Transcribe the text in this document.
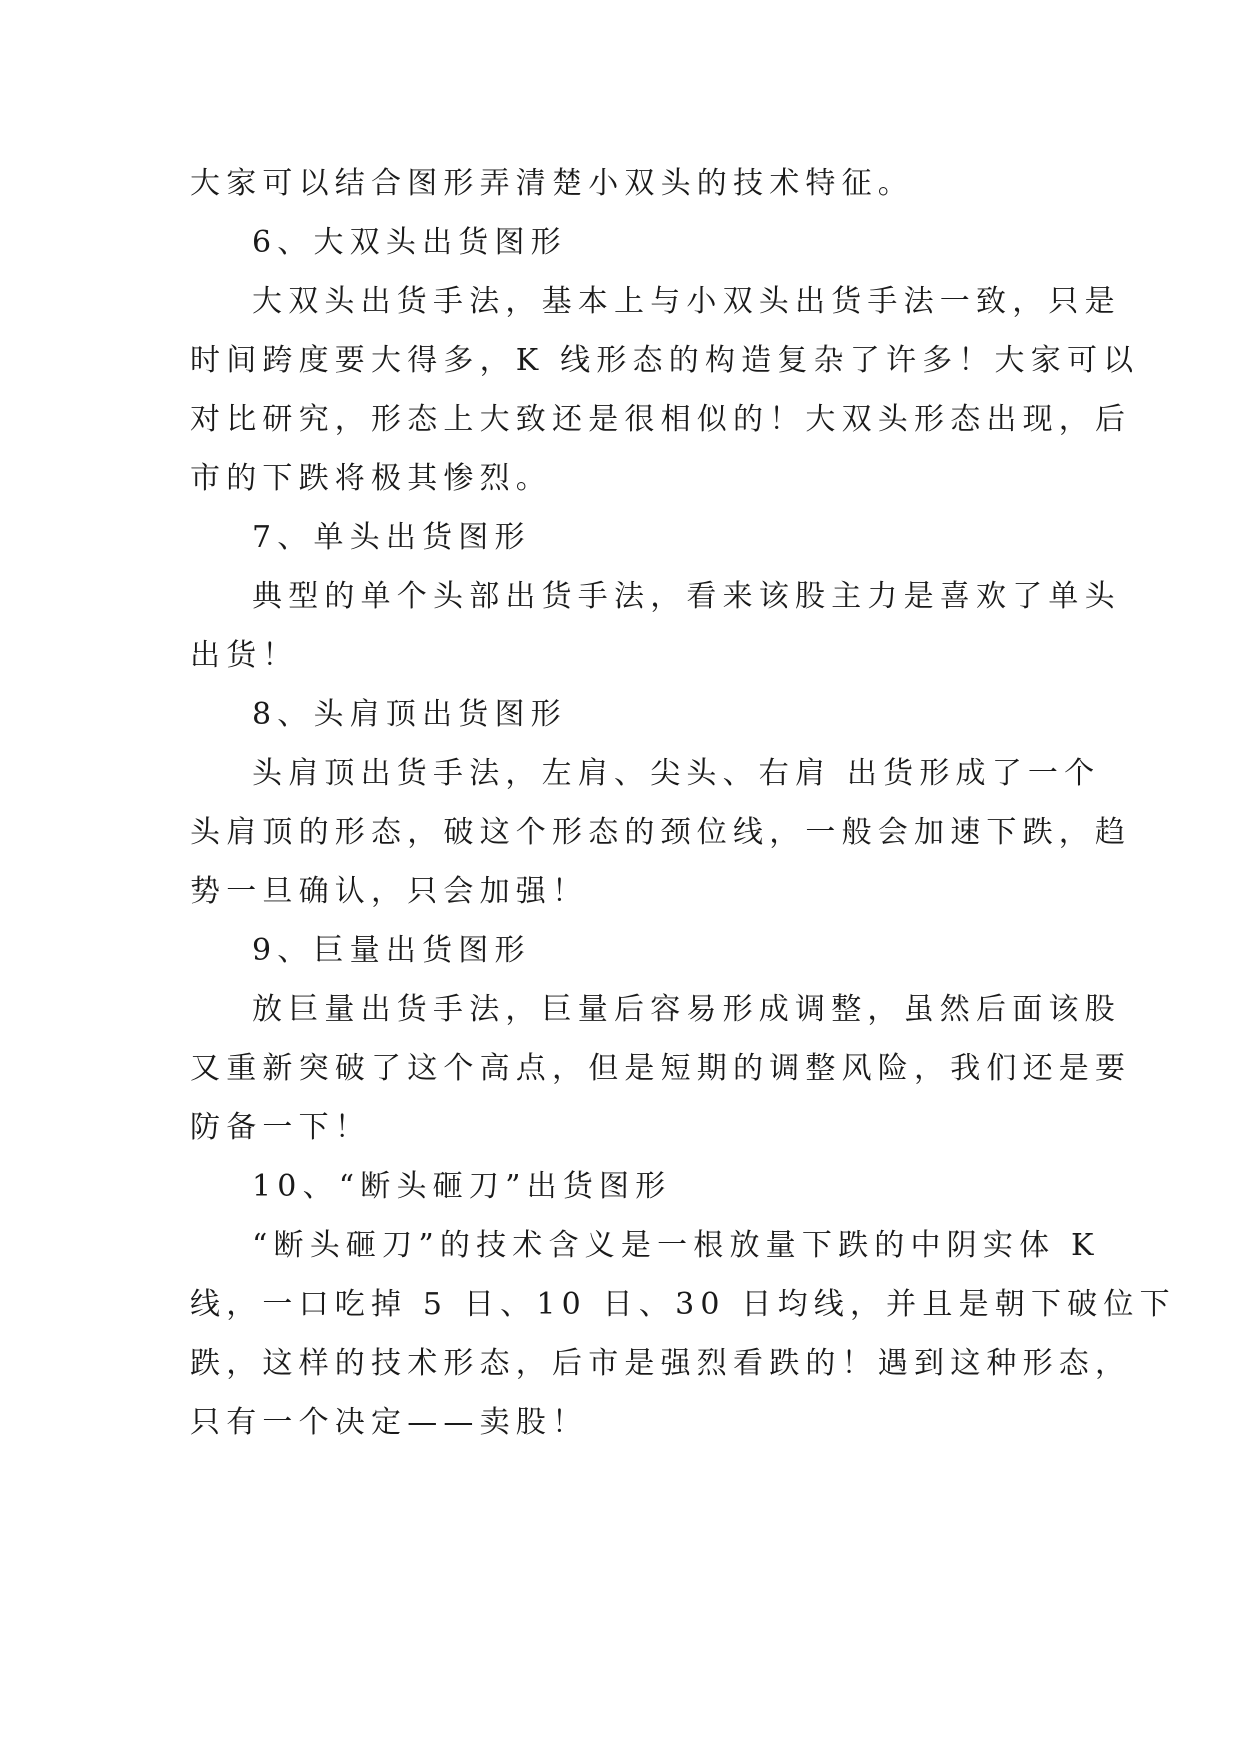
大家可以结合图形弄清楚小双头的技术特征。
6、大双头出货图形
大双头出货手法，基本上与小双头出货手法一致，只是
时间跨度要大得多，K 线形态的构造复杂了许多！大家可以
对比研究，形态上大致还是很相似的！大双头形态出现，后
市的下跌将极其惨烈。
7、单头出货图形
典型的单个头部出货手法，看来该股主力是喜欢了单头
出货！
8、头肩顶出货图形
头肩顶出货手法，左肩、尖头、右肩 出货形成了一个
头肩顶的形态，破这个形态的颈位线，一般会加速下跌，趋
势一旦确认，只会加强！
9、巨量出货图形
放巨量出货手法，巨量后容易形成调整，虽然后面该股
又重新突破了这个高点，但是短期的调整风险，我们还是要
防备一下！
10、“断头砸刀”出货图形
“断头砸刀”的技术含义是一根放量下跌的中阴实体 K
线，一口吃掉 5 日、10 日、30 日均线，并且是朝下破位下
跌，这样的技术形态，后市是强烈看跌的！遇到这种形态，
只有一个决定——卖股！
